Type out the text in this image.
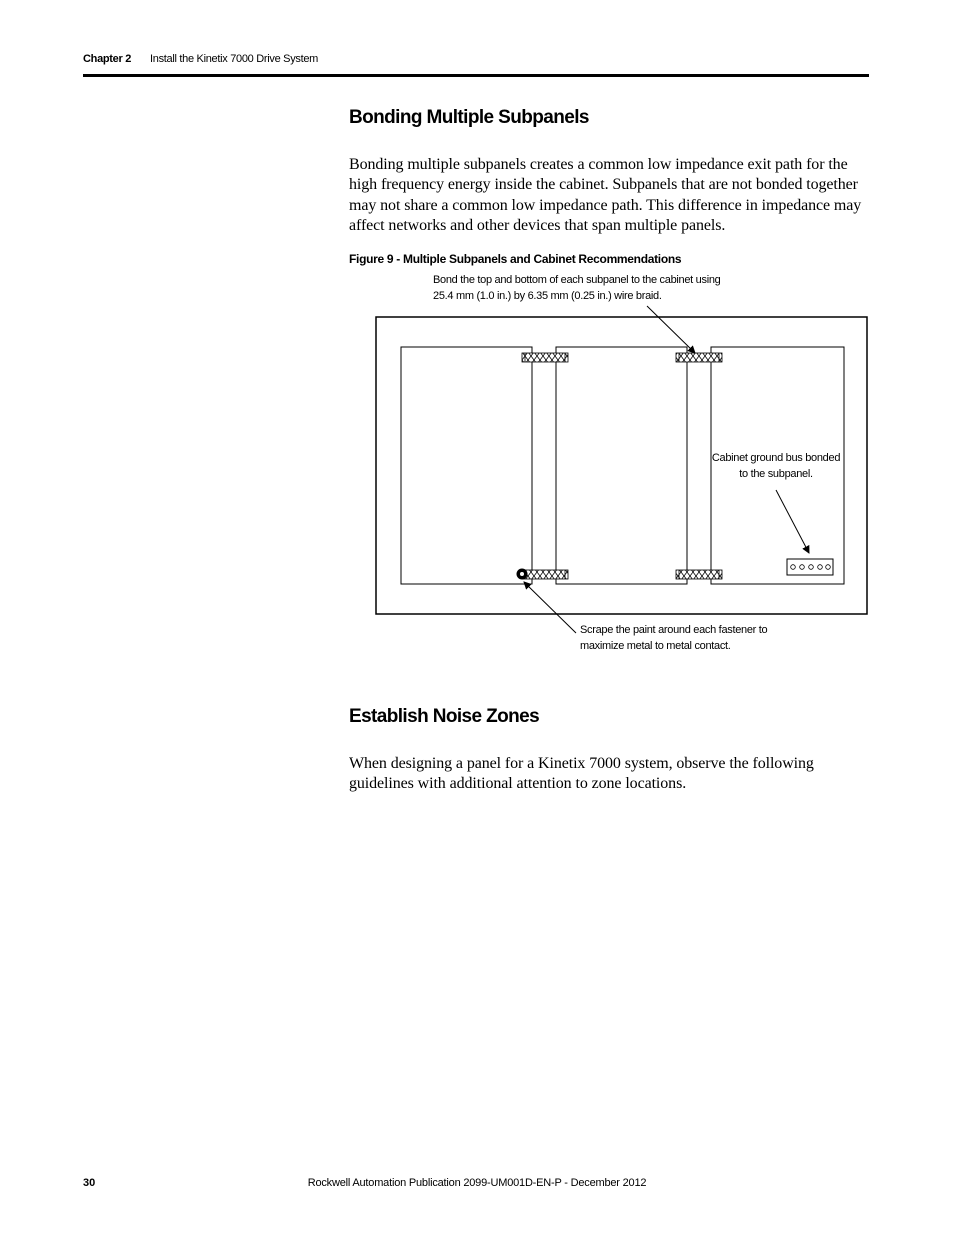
Chapter 2 Install the Kinetix 7000 Drive System
Bonding Multiple Subpanels

Bonding multiple subpanels creates a common low impedance exit path for the high frequency energy inside the cabinet. Subpanels that are not bonded together may not share a common low impedance path. This difference in impedance may affect networks and other devices that span multiple panels.

Figure 9 - Multiple Subpanels and Cabinet Recommendations
Bond the top and bottom of each subpanel to the cabinet using 25.4 mm (1.0 in.) by 6.35 mm (0.25 in.) wire braid.
Cabinet ground bus bonded to the subpanel.
Scrape the paint around each fastener to maximize metal to metal contact.
Establish Noise Zones

When designing a panel for a Kinetix 7000 system, observe the following guidelines with additional attention to zone locations.

30	Rockwell Automation Publication 2099-UM001D-EN-P - December 2012
